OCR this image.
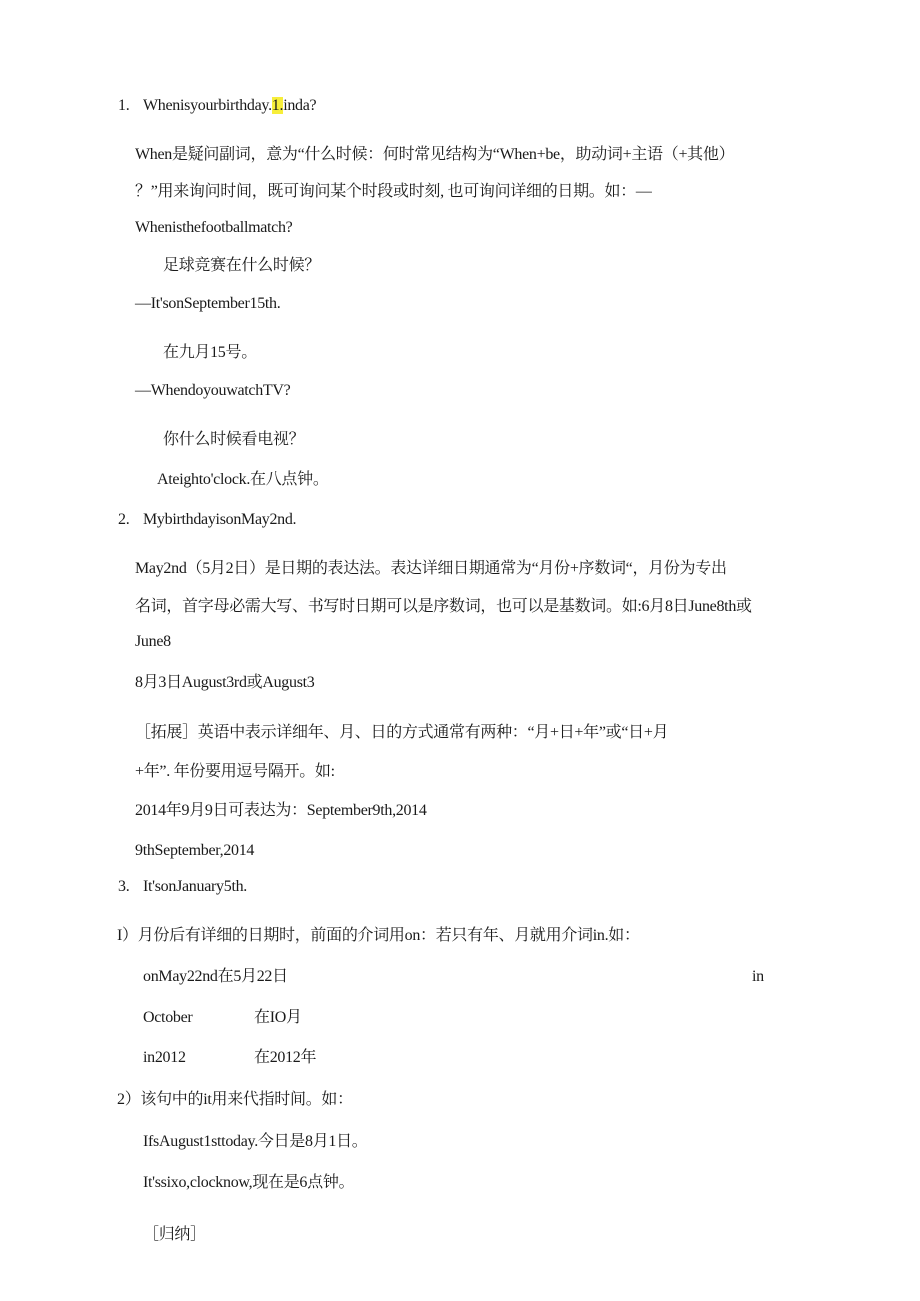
1. Whenisyourbirthday.1.inda?
When是疑问副词，意为“什么时候：何时常见结构为“When+be，助动词+主语（+其他）
？”用来询问时间，既可询问某个时段或时刻, 也可询问详细的日期。如：—
Whenisthefootballmatch?
足球竞赛在什么时候？
—It'sonSeptember15th.
在九月15号。
—WhendoyouwatchTV?
你什么时候看电视？
Ateighto'clock.在八点钟。
2. MybirthdayisonMay2nd.
May2nd（5月2日）是日期的表达法。表达详细日期通常为“月份+序数词“，月份为专出
名词，首字母必需大写、书写时日期可以是序数词，也可以是基数词。如:6月8日June8th或
June8
8月3日August3rd或August3
［拓展］英语中表示详细年、月、日的方式通常有两种：“月+日+年”或“日+月
+年”. 年份要用逗号隔开。如:
2014年9月9日可表达为：September9th,2014
9thSeptember,2014
3. It'sonJanuary5th.
I）月份后有详细的日期时，前面的介词用on：若只有年、月就用介词in.如：
onMay22nd在5月22日	in
October	在IO月
in2012	在2012年
2）该句中的it用来代指时间。如：
IfsAugust1sttoday.今日是8月1日。
It'ssixo,clocknow,现在是6点钟。
［归纳］
